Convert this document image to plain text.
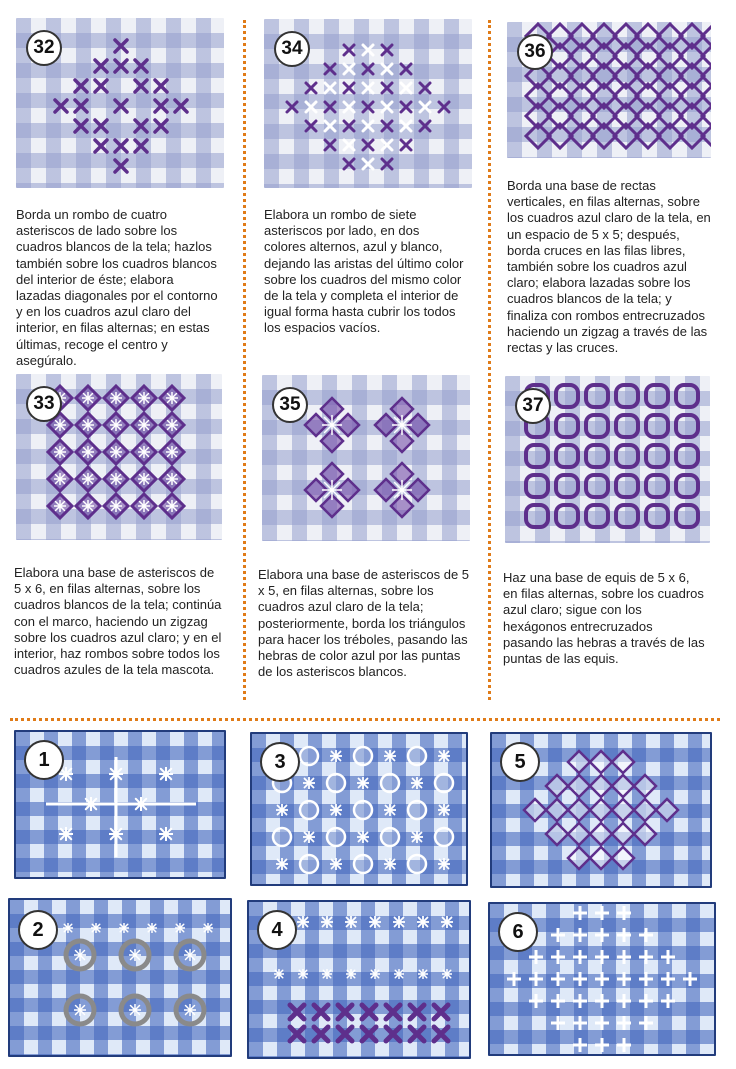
32	34	36
Borda un rombo de cuatro asteriscos de lado sobre los cuadros blancos de la tela; hazlos también sobre los cuadros blancos del interior de éste; elabora lazadas diagonales por el contorno y en los cuadros azul claro del interior, en filas alternas; en estas últimas, recoge el centro y asegúralo.
Elabora un rombo de siete asteriscos por lado, en dos colores alternos, azul y blanco, dejando las aristas del último color sobre los cuadros del mismo color de la tela y completa el interior de igual forma hasta cubrir los todos los espacios vacíos.
Borda una base de rectas verticales, en filas alternas, sobre los cuadros azul claro de la tela, en un espacio de 5 x 5; después, borda cruces en las filas libres, también sobre los cuadros azul claro; elabora lazadas sobre los cuadros blancos de la tela; y finaliza con rombos entrecruzados haciendo un zigzag a través de las rectas y las cruces.
33	35	37
Elabora una base de asteriscos de 5 x 6, en filas alternas, sobre los cuadros blancos de la tela; continúa con el marco, haciendo un zigzag sobre los cuadros azul claro; y en el interior, haz rombos sobre todos los cuadros azules de la tela mascota.
Elabora una base de asteriscos de 5 x 5, en filas alternas, sobre los cuadros azul claro de la tela; posteriormente, borda los triángulos para hacer los tréboles, pasando las hebras de color azul por las puntas de los asteriscos blancos.
Haz una base de equis de 5 x 6, en filas alternas, sobre los cuadros azul claro; sigue con los hexágonos entrecruzados pasando las hebras a través de las puntas de las equis.
1	3	5
2	4	6
